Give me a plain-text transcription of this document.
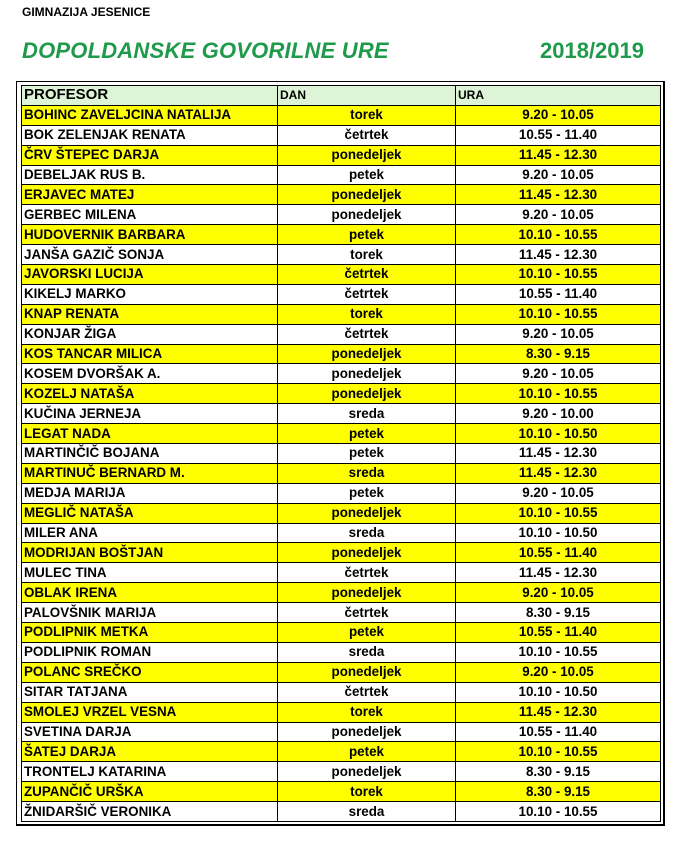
GIMNAZIJA JESENICE
DOPOLDANSKE GOVORILNE URE	2018/2019
PROFESOR	DAN	URA
BOHINC ZAVELJCINA NATALIJA	torek	9.20 - 10.05
BOK ZELENJAK RENATA	četrtek	10.55 - 11.40
ČRV ŠTEPEC DARJA	ponedeljek	11.45 - 12.30
DEBELJAK RUS B.	petek	9.20 - 10.05
ERJAVEC MATEJ	ponedeljek	11.45 - 12.30
GERBEC MILENA	ponedeljek	9.20 - 10.05
HUDOVERNIK BARBARA	petek	10.10 - 10.55
JANŠA GAZIČ SONJA	torek	11.45 - 12.30
JAVORSKI LUCIJA	četrtek	10.10 - 10.55
KIKELJ MARKO	četrtek	10.55 - 11.40
KNAP RENATA	torek	10.10 - 10.55
KONJAR ŽIGA	četrtek	9.20 - 10.05
KOS TANCAR MILICA	ponedeljek	8.30 - 9.15
KOSEM DVORŠAK A.	ponedeljek	9.20 - 10.05
KOZELJ NATAŠA	ponedeljek	10.10 - 10.55
KUČINA JERNEJA	sreda	9.20 - 10.00
LEGAT NADA	petek	10.10 - 10.50
MARTINČIČ BOJANA	petek	11.45 - 12.30
MARTINUČ BERNARD M.	sreda	11.45 - 12.30
MEDJA MARIJA	petek	9.20 - 10.05
MEGLIČ NATAŠA	ponedeljek	10.10 - 10.55
MILER ANA	sreda	10.10 - 10.50
MODRIJAN BOŠTJAN	ponedeljek	10.55 - 11.40
MULEC TINA	četrtek	11.45 - 12.30
OBLAK IRENA	ponedeljek	9.20 - 10.05
PALOVŠNIK MARIJA	četrtek	8.30 - 9.15
PODLIPNIK METKA	petek	10.55 - 11.40
PODLIPNIK ROMAN	sreda	10.10 - 10.55
POLANC SREČKO	ponedeljek	9.20 - 10.05
SITAR TATJANA	četrtek	10.10 - 10.50
SMOLEJ VRZEL VESNA	torek	11.45 - 12.30
SVETINA DARJA	ponedeljek	10.55 - 11.40
ŠATEJ DARJA	petek	10.10 - 10.55
TRONTELJ KATARINA	ponedeljek	8.30 - 9.15
ZUPANČIČ URŠKA	torek	8.30 - 9.15
ŽNIDARŠIČ VERONIKA	sreda	10.10 - 10.55
